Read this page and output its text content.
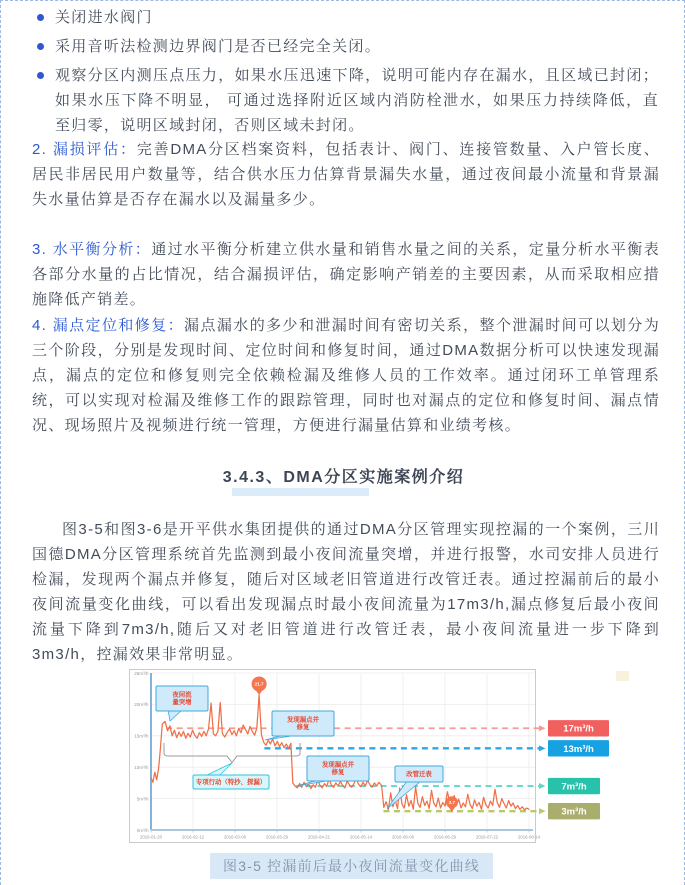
关闭进水阀门
采用音听法检测边界阀门是否已经完全关闭。
观察分区内测压点压力，如果水压迅速下降，说明可能内存在漏水，且区域已封闭；如果水压下降不明显， 可通过选择附近区域内消防栓泄水，如果压力持续降低，直至归零，说明区域封闭，否则区域未封闭。

2. 漏损评估：完善DMA分区档案资料，包括表计、阀门、连接管数量、入户管长度、居民非居民用户数量等，结合供水压力估算背景漏失水量，通过夜间最小流量和背景漏失水量估算是否存在漏水以及漏量多少。

3. 水平衡分析：通过水平衡分析建立供水量和销售水量之间的关系，定量分析水平衡表各部分水量的占比情况，结合漏损评估，确定影响产销差的主要因素，从而采取相应措施降低产销差。

4. 漏点定位和修复：漏点漏水的多少和泄漏时间有密切关系，整个泄漏时间可以划分为三个阶段，分别是发现时间、定位时间和修复时间，通过DMA数据分析可以快速发现漏点，漏点的定位和修复则完全依赖检漏及维修人员的工作效率。通过闭环工单管理系统，可以实现对检漏及维修工作的跟踪管理，同时也对漏点的定位和修复时间、漏点情况、现场照片及视频进行统一管理，方便进行漏量估算和业绩考核。

3.4.3、DMA分区实施案例介绍

图3-5和图3-6是开平供水集团提供的通过DMA分区管理实现控漏的一个案例，三川国德DMA分区管理系统首先监测到最小夜间流量突增，并进行报警，水司安排人员进行检漏，发现两个漏点并修复，随后对区域老旧管道进行改管迁表。通过控漏前后的最小夜间流量变化曲线，可以看出发现漏点时最小夜间流量为17m3/h,漏点修复后最小夜间流量下降到7m3/h,随后又对老旧管道进行改管迁表，最小夜间流量进一步下降到3m3/h，控漏效果非常明显。

25m³/h
20m³/h
15m³/h
10m³/h
5m³/h
0m³/h
2016-01-20	2016-02-12	2016-03-06	2016-03-29	2016-04-21	2016-05-14	2016-06-06	2016-06-29	2016-07-22	2016-08-14
17m³/h
13m³/h
7m³/h
3m³/h
夜间流
量突增
发现漏点并
修复
发现漏点并
修复	改管迁表
专项行动（特抄、探漏）
21.7
2.7
图3-5 控漏前后最小夜间流量变化曲线
